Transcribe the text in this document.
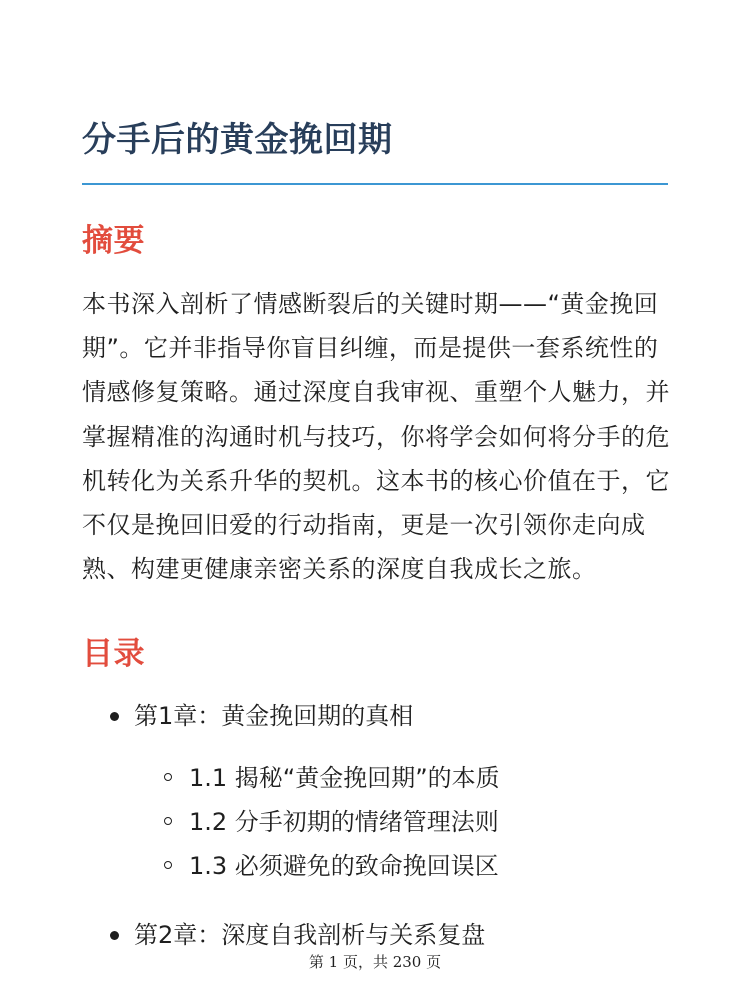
分手后的黄金挽回期
摘要

本书深入剖析了情感断裂后的关键时期——“黄金挽回期”。它并非指导你盲目纠缠，而是提供一套系统性的情感修复策略。通过深度自我审视、重塑个人魅力，并掌握精准的沟通时机与技巧，你将学会如何将分手的危机转化为关系升华的契机。这本书的核心价值在于，它不仅是挽回旧爱的行动指南，更是一次引领你走向成熟、构建更健康亲密关系的深度自我成长之旅。

目录
第1章：黄金挽回期的真相
1.1 揭秘“黄金挽回期”的本质
1.2 分手初期的情绪管理法则
1.3 必须避免的致命挽回误区
第2章：深度自我剖析与关系复盘
第 1 页，共 230 页
